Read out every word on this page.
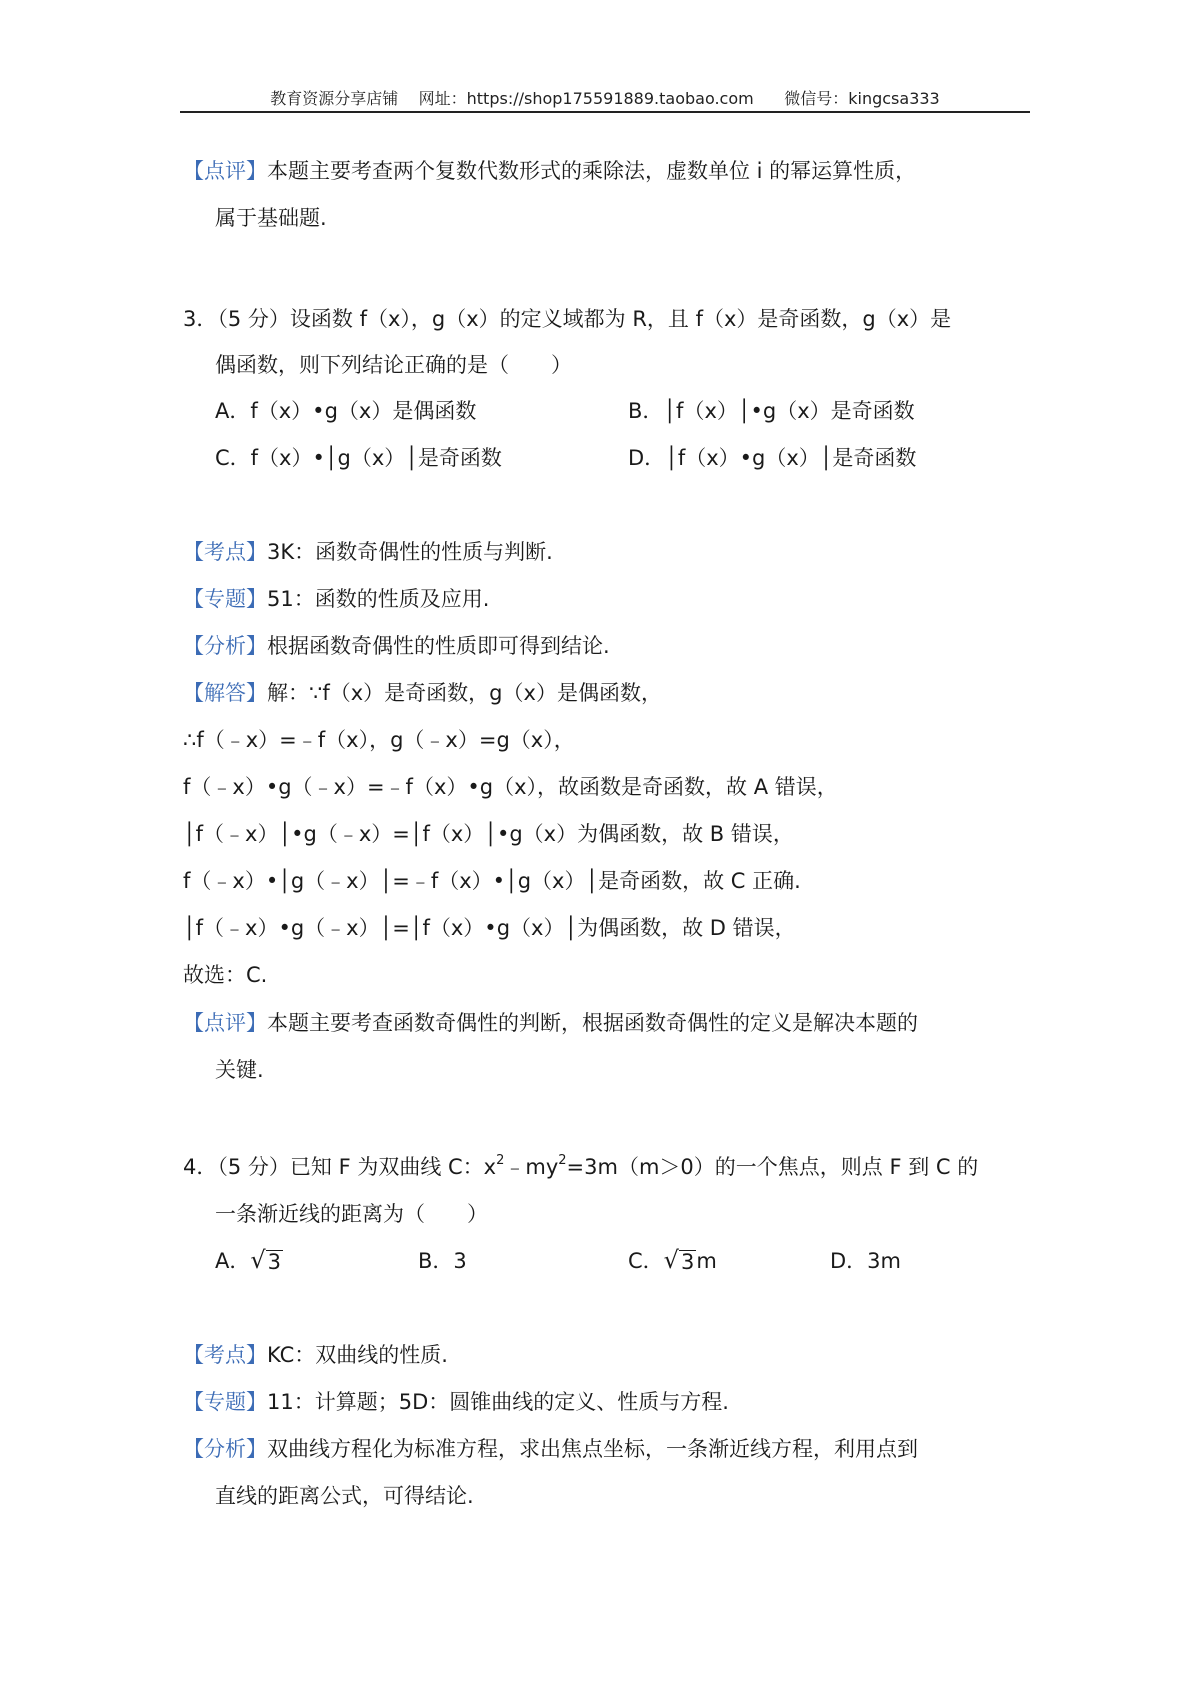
教育资源分享店铺 网址：https://shop175591889.taobao.com 微信号：kingcsa333
【点评】本题主要考查两个复数代数形式的乘除法，虚数单位 i 的幂运算性质，
属于基础题.
3．（5 分）设函数 f（x），g（x）的定义域都为 R，且 f（x）是奇函数，g（x）是
偶函数，则下列结论正确的是（　　）
A．f（x）•g（x）是偶函数	B．│f（x）│•g（x）是奇函数
C．f（x）•│g（x）│是奇函数	D．│f（x）•g（x）│是奇函数
【考点】3K：函数奇偶性的性质与判断.
【专题】51：函数的性质及应用.
【分析】根据函数奇偶性的性质即可得到结论.
【解答】解：∵f（x）是奇函数，g（x）是偶函数，
∴f（﹣x）=﹣f（x），g（﹣x）=g（x），
f（﹣x）•g（﹣x）=﹣f（x）•g（x），故函数是奇函数，故 A 错误，
│f（﹣x）│•g（﹣x）=│f（x）│•g（x）为偶函数，故 B 错误，
f（﹣x）•│g（﹣x）│=﹣f（x）•│g（x）│是奇函数，故 C 正确.
│f（﹣x）•g（﹣x）│=│f（x）•g（x）│为偶函数，故 D 错误，
故选：C.
【点评】本题主要考查函数奇偶性的判断，根据函数奇偶性的定义是解决本题的
关键.
4．（5 分）已知 F 为双曲线 C：$x^2﹣my^2=3m(m>0)$的一个焦点，则点 F 到 C 的
一条渐近线的距离为（　　）
A． √ 3	B．3	C． √ 3 m	D．3m
【考点】KC：双曲线的性质.
【专题】11：计算题；5D：圆锥曲线的定义、性质与方程.
【分析】双曲线方程化为标准方程，求出焦点坐标，一条渐近线方程，利用点到
直线的距离公式，可得结论.
